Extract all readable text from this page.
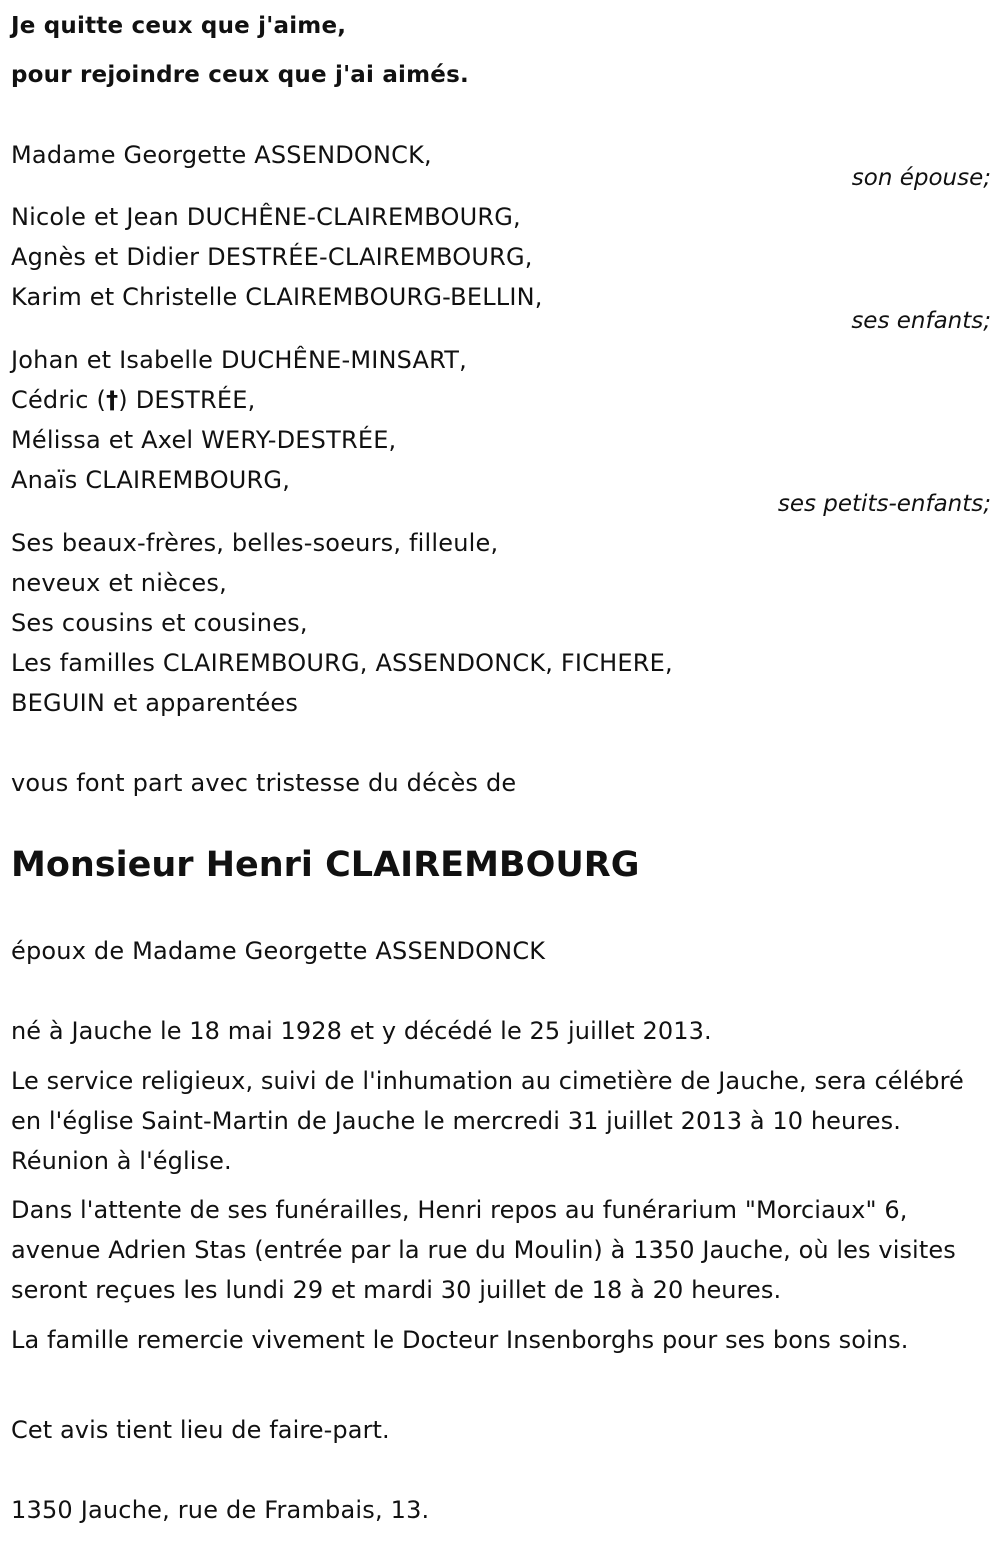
Je quitte ceux que j'aime,
pour rejoindre ceux que j'ai aimés.
Madame Georgette ASSENDONCK,
son épouse;
Nicole et Jean DUCHÊNE-CLAIREMBOURG,
Agnès et Didier DESTRÉE-CLAIREMBOURG,
Karim et Christelle CLAIREMBOURG-BELLIN,
ses enfants;
Johan et Isabelle DUCHÊNE-MINSART,
Cédric (†) DESTRÉE,
Mélissa et Axel WERY-DESTRÉE,
Anaïs CLAIREMBOURG,
ses petits-enfants;
Ses beaux-frères, belles-soeurs, filleule,
neveux et nièces,
Ses cousins et cousines,
Les familles CLAIREMBOURG, ASSENDONCK, FICHERE,
BEGUIN et apparentées
vous font part avec tristesse du décès de
Monsieur Henri CLAIREMBOURG
époux de Madame Georgette ASSENDONCK
né à Jauche le 18 mai 1928 et y décédé le 25 juillet 2013.
Le service religieux, suivi de l'inhumation au cimetière de Jauche, sera célébré en l'église Saint-Martin de Jauche le mercredi 31 juillet 2013 à 10 heures. Réunion à l'église.
Dans l'attente de ses funérailles, Henri repos au funérarium "Morciaux" 6, avenue Adrien Stas (entrée par la rue du Moulin) à 1350 Jauche, où les visites seront reçues les lundi 29 et mardi 30 juillet de 18 à 20 heures.
La famille remercie vivement le Docteur Insenborghs pour ses bons soins.
Cet avis tient lieu de faire-part.
1350 Jauche, rue de Frambais, 13.
